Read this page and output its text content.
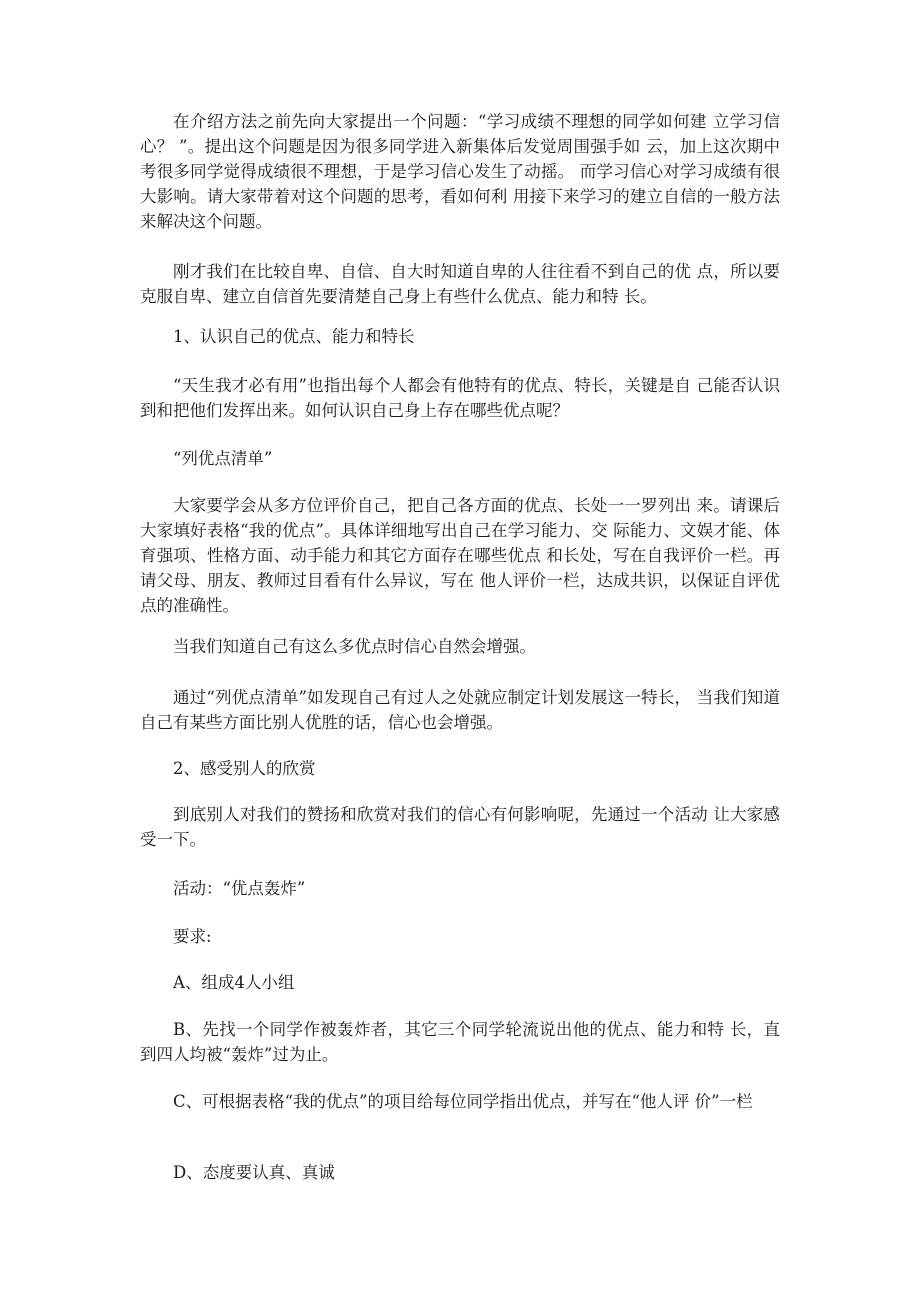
在介绍方法之前先向大家提出一个问题：“学习成绩不理想的同学如何建 立学习信心？ ”。提出这个问题是因为很多同学进入新集体后发觉周围强手如 云，加上这次期中考很多同学觉得成绩很不理想，于是学习信心发生了动摇。 而学习信心对学习成绩有很大影响。请大家带着对这个问题的思考，看如何利 用接下来学习的建立自信的一般方法来解决这个问题。

刚才我们在比较自卑、自信、自大时知道自卑的人往往看不到自己的优 点，所以要克服自卑、建立自信首先要清楚自己身上有些什么优点、能力和特 长。

1、认识自己的优点、能力和特长

“天生我才必有用”也指出每个人都会有他特有的优点、特长，关键是自 己能否认识到和把他们发挥出来。如何认识自己身上存在哪些优点呢？

“列优点清单”

大家要学会从多方位评价自己，把自己各方面的优点、长处一一罗列出 来。请课后大家填好表格“我的优点”。具体详细地写出自己在学习能力、交 际能力、文娱才能、体育强项、性格方面、动手能力和其它方面存在哪些优点 和长处，写在自我评价一栏。再请父母、朋友、教师过目看有什么异议，写在 他人评价一栏，达成共识，以保证自评优点的准确性。

当我们知道自己有这么多优点时信心自然会增强。

通过“列优点清单”如发现自己有过人之处就应制定计划发展这一特长， 当我们知道自己有某些方面比别人优胜的话，信心也会增强。

2、感受别人的欣赏

到底别人对我们的赞扬和欣赏对我们的信心有何影响呢，先通过一个活动 让大家感受一下。

活动：“优点轰炸”

要求:

A、组成4人小组

B、先找一个同学作被轰炸者，其它三个同学轮流说出他的优点、能力和特 长，直到四人均被“轰炸”过为止。

C、可根据表格“我的优点”的项目给每位同学指出优点，并写在“他人评 价”一栏

D、态度要认真、真诚
